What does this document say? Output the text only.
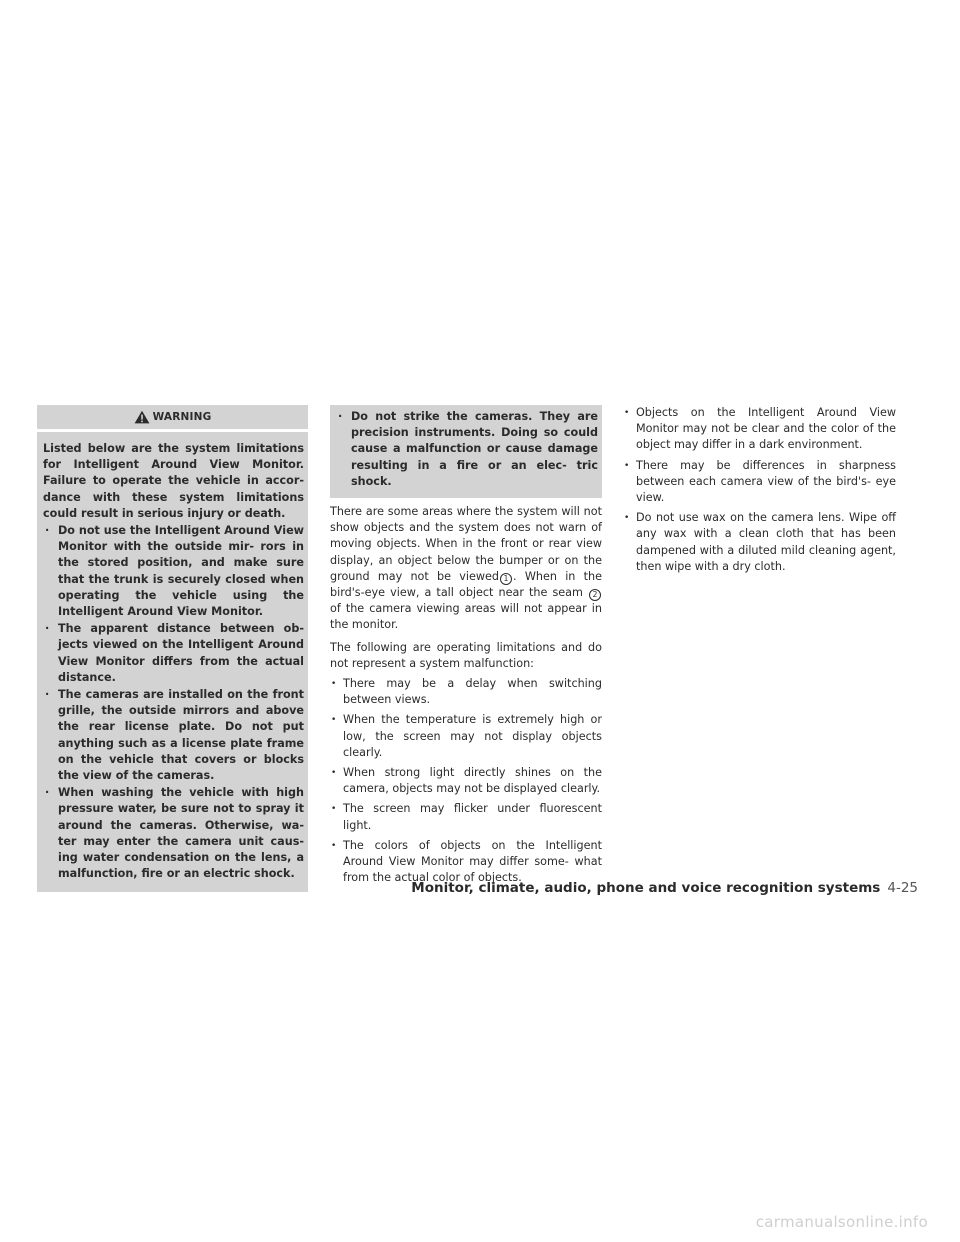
WARNING

Listed below are the system limitations for Intelligent Around View Monitor. Failure to operate the vehicle in accor- dance with these system limitations could result in serious injury or death.

· Do not use the Intelligent Around View Monitor with the outside mir- rors in the stored position, and make sure that the trunk is securely closed when operating the vehicle using the Intelligent Around View Monitor.
· The apparent distance between ob- jects viewed on the Intelligent Around View Monitor differs from the actual distance.
· The cameras are installed on the front grille, the outside mirrors and above the rear license plate. Do not put anything such as a license plate frame on the vehicle that covers or blocks the view of the cameras.
· When washing the vehicle with high pressure water, be sure not to spray it around the cameras. Otherwise, wa- ter may enter the camera unit caus- ing water condensation on the lens, a malfunction, fire or an electric shock.
· Do not strike the cameras. They are precision instruments. Doing so could cause a malfunction or cause damage resulting in a fire or an elec- tric shock.

There are some areas where the system will not show objects and the system does not warn of moving objects. When in the front or rear view display, an object below the bumper or on the ground may not be viewed 1 . When in the bird's-eye view, a tall object near the seam 2 of the camera viewing areas will not appear in the monitor.

The following are operating limitations and do not represent a system malfunction:

• There may be a delay when switching between views.
• When the temperature is extremely high or low, the screen may not display objects clearly.
• When strong light directly shines on the camera, objects may not be displayed clearly.
• The screen may flicker under fluorescent light.
• The colors of objects on the Intelligent Around View Monitor may differ some- what from the actual color of objects.
• Objects on the Intelligent Around View Monitor may not be clear and the color of the object may differ in a dark environment.
• There may be differences in sharpness between each camera view of the bird's- eye view.
• Do not use wax on the camera lens. Wipe off any wax with a clean cloth that has been dampened with a diluted mild cleaning agent, then wipe with a dry cloth.
Monitor, climate, audio, phone and voice recognition systems 4-25
carmanualsonline.info
